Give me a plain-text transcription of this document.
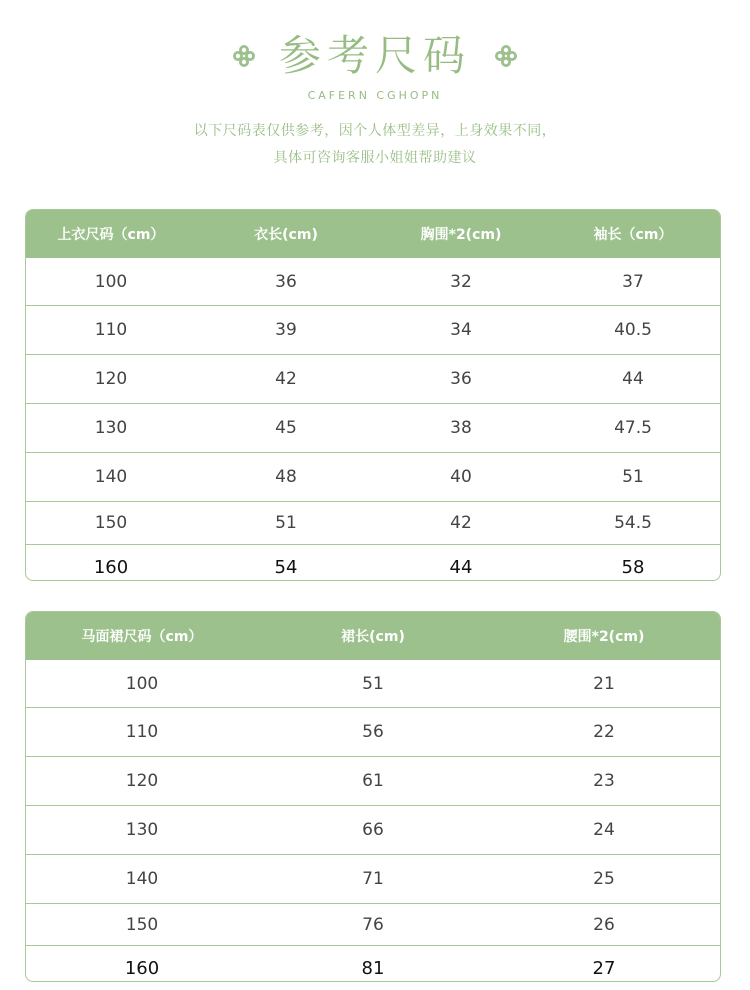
参考尺码
CAFERN CGHOPN
以下尺码表仅供参考，因个人体型差异，上身效果不同，
具体可咨询客服小姐姐帮助建议
上衣尺码（cm）	衣长(cm)	胸围*2(cm)	袖长（cm）
100	36	32	37
110	39	34	40.5
120	42	36	44
130	45	38	47.5
140	48	40	51
150	51	42	54.5
160	54	44	58
马面裙尺码（cm）	裙长(cm)	腰围*2(cm)
100	51	21
110	56	22
120	61	23
130	66	24
140	71	25
150	76	26
160	81	27
